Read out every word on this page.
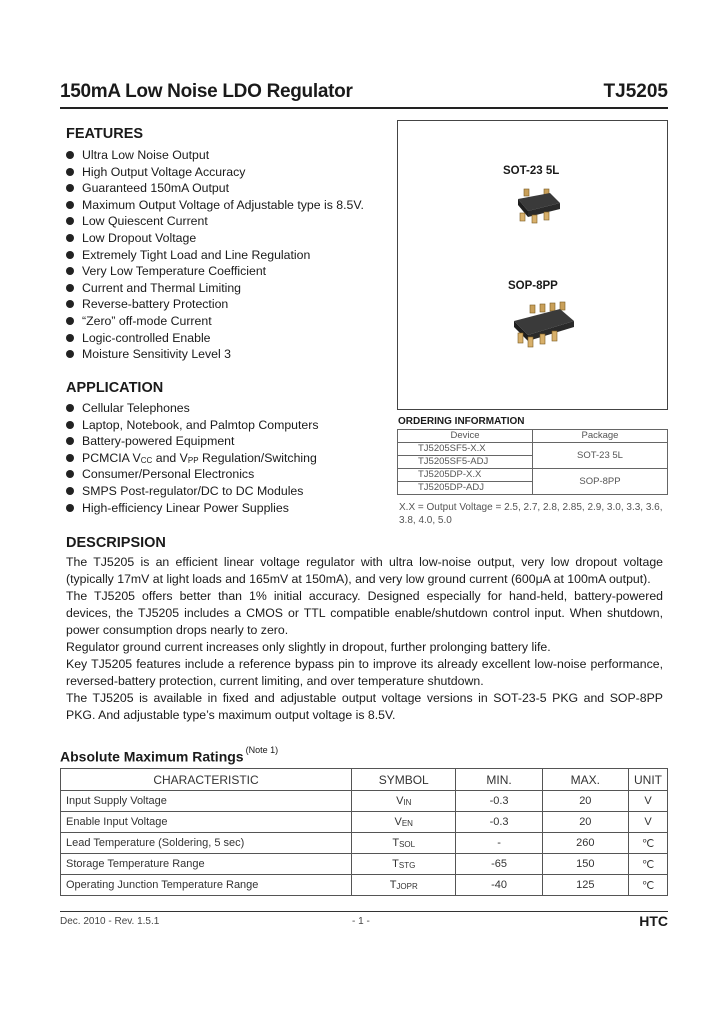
150mA Low Noise LDO Regulator	TJ5205
FEATURES
Ultra Low Noise Output
High Output Voltage Accuracy
Guaranteed 150mA Output
Maximum Output Voltage of Adjustable type is 8.5V.
Low Quiescent Current
Low Dropout Voltage
Extremely Tight Load and Line Regulation
Very Low Temperature Coefficient
Current and Thermal Limiting
Reverse-battery Protection
“Zero” off-mode Current
Logic-controlled Enable
Moisture Sensitivity Level 3
APPLICATION
Cellular Telephones
Laptop, Notebook, and Palmtop Computers
Battery-powered Equipment
PCMCIA $V_{CC}$ and $V_{PP}$ Regulation/Switching
Consumer/Personal Electronics
SMPS Post-regulator/DC to DC Modules
High-efficiency Linear Power Supplies
SOT-23 5L
SOP-8PP
ORDERING INFORMATION
Device	Package
TJ5205SF5-X.X	SOT-23 5L
TJ5205SF5-ADJ	
TJ5205DP-X.X	SOP-8PP
TJ5205DP-ADJ	
X.X = Output Voltage = 2.5, 2.7, 2.8, 2.85, 2.9, 3.0, 3.3, 3.6, 3.8, 4.0, 5.0
DESCRIPSION

The TJ5205 is an efficient linear voltage regulator with ultra low-noise output, very low dropout voltage (typically 17mV at light loads and 165mV at 150mA), and very low ground current (600μA at 100mA output).

The TJ5205 offers better than 1% initial accuracy. Designed especially for hand-held, battery-powered devices, the TJ5205 includes a CMOS or TTL compatible enable/shutdown control input. When shutdown, power consumption drops nearly to zero.

Regulator ground current increases only slightly in dropout, further prolonging battery life.

Key TJ5205 features include a reference bypass pin to improve its already excellent low-noise performance, reversed-battery protection, current limiting, and over temperature shutdown.

The TJ5205 is available in fixed and adjustable output voltage versions in SOT-23-5 PKG and SOP-8PP PKG. And adjustable type’s maximum output voltage is 8.5V.

Absolute Maximum Ratings $^{(Note 1)}$
CHARACTERISTIC	SYMBOL	MIN.	MAX.	UNIT
Input Supply Voltage	$V_{IN}$	-0.3	20	V
Enable Input Voltage	$V_{EN}$	-0.3	20	V
Lead Temperature (Soldering, 5 sec)	$T_{SOL}$	-	260	℃
Storage Temperature Range	$T_{STG}$	-65	150	℃
Operating Junction Temperature Range	$T_{JOPR}$	-40	125	℃
Dec. 2010 - Rev. 1.5.1	- 1 -	HTC
